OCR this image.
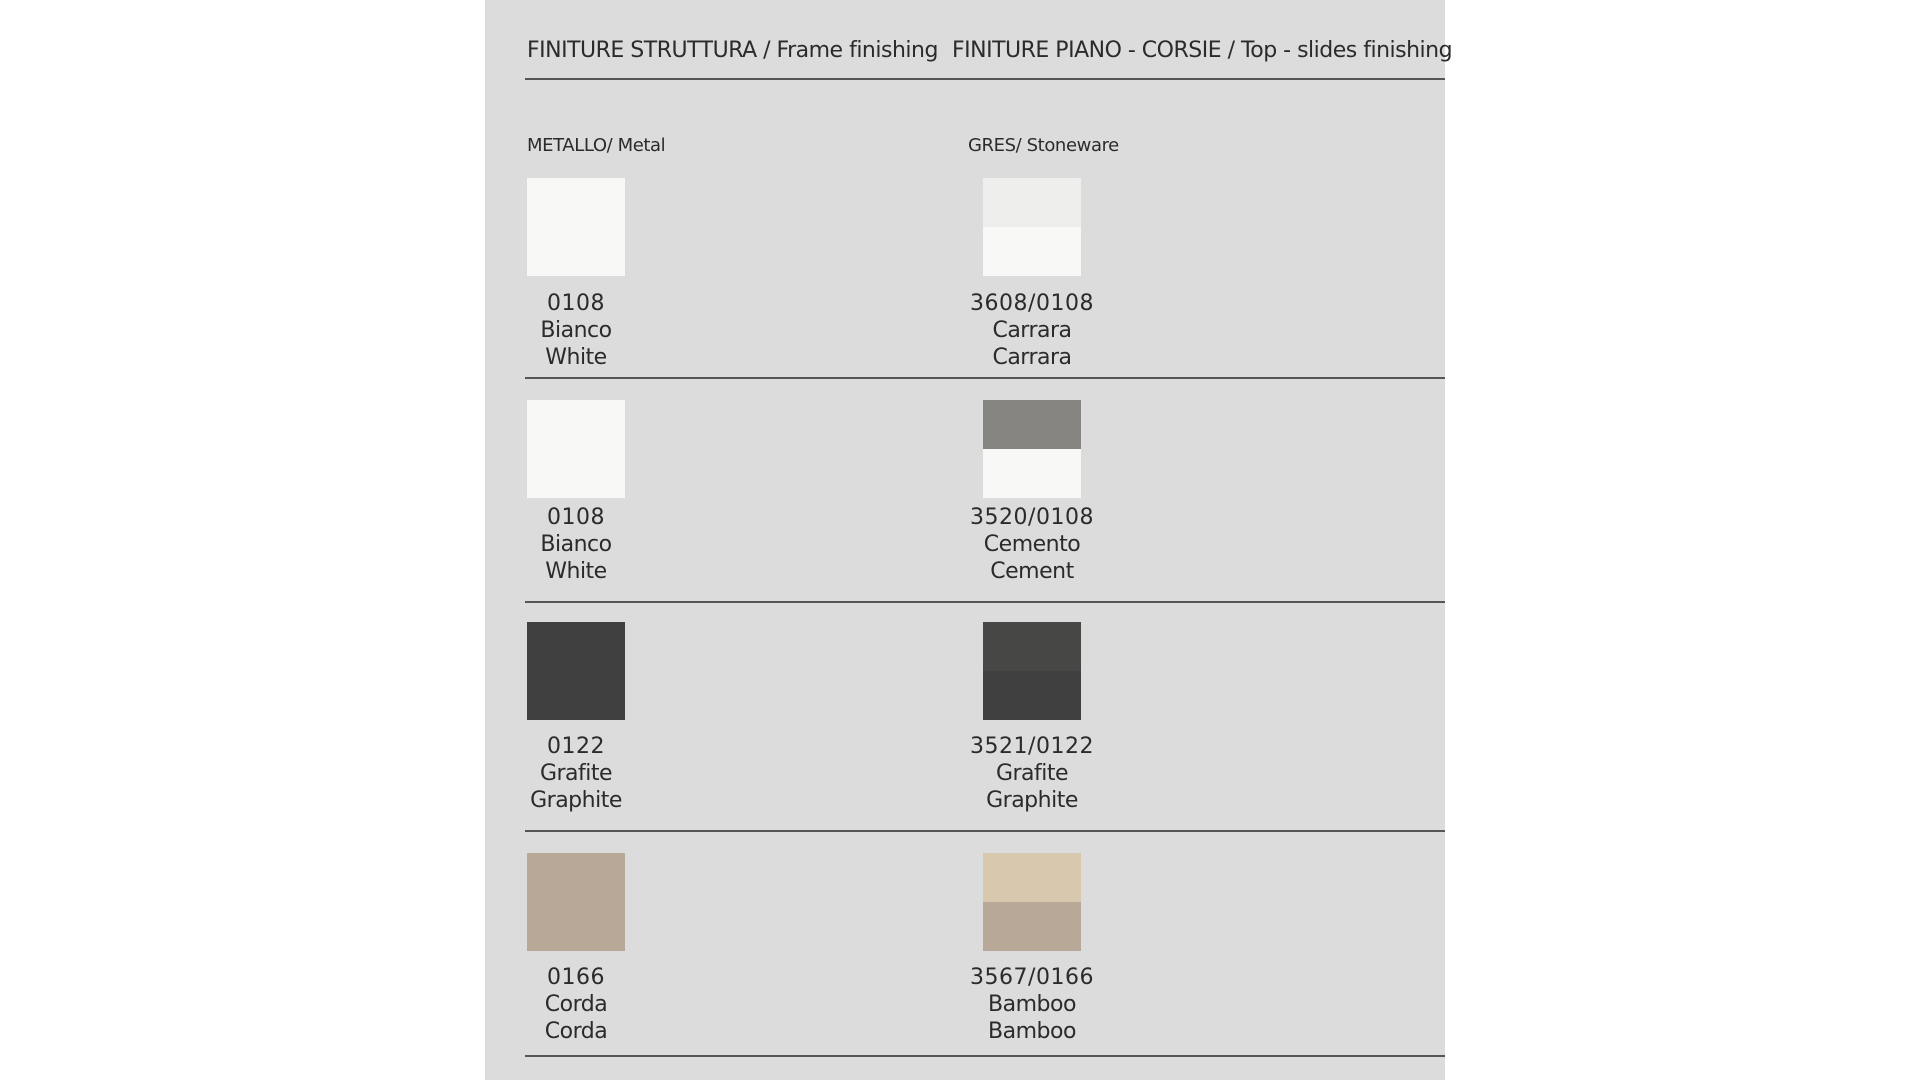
FINITURE STRUTTURA / Frame finishing FINITURE PIANO - CORSIE / Top - slides finishing
METALLO/ Metal	GRES/ Stoneware
0108
Bianco
White
3608/0108
Carrara
Carrara
0108
Bianco
White
3520/0108
Cemento
Cement
0122
Grafite
Graphite
3521/0122
Grafite
Graphite
0166
Corda
Corda
3567/0166
Bamboo
Bamboo
